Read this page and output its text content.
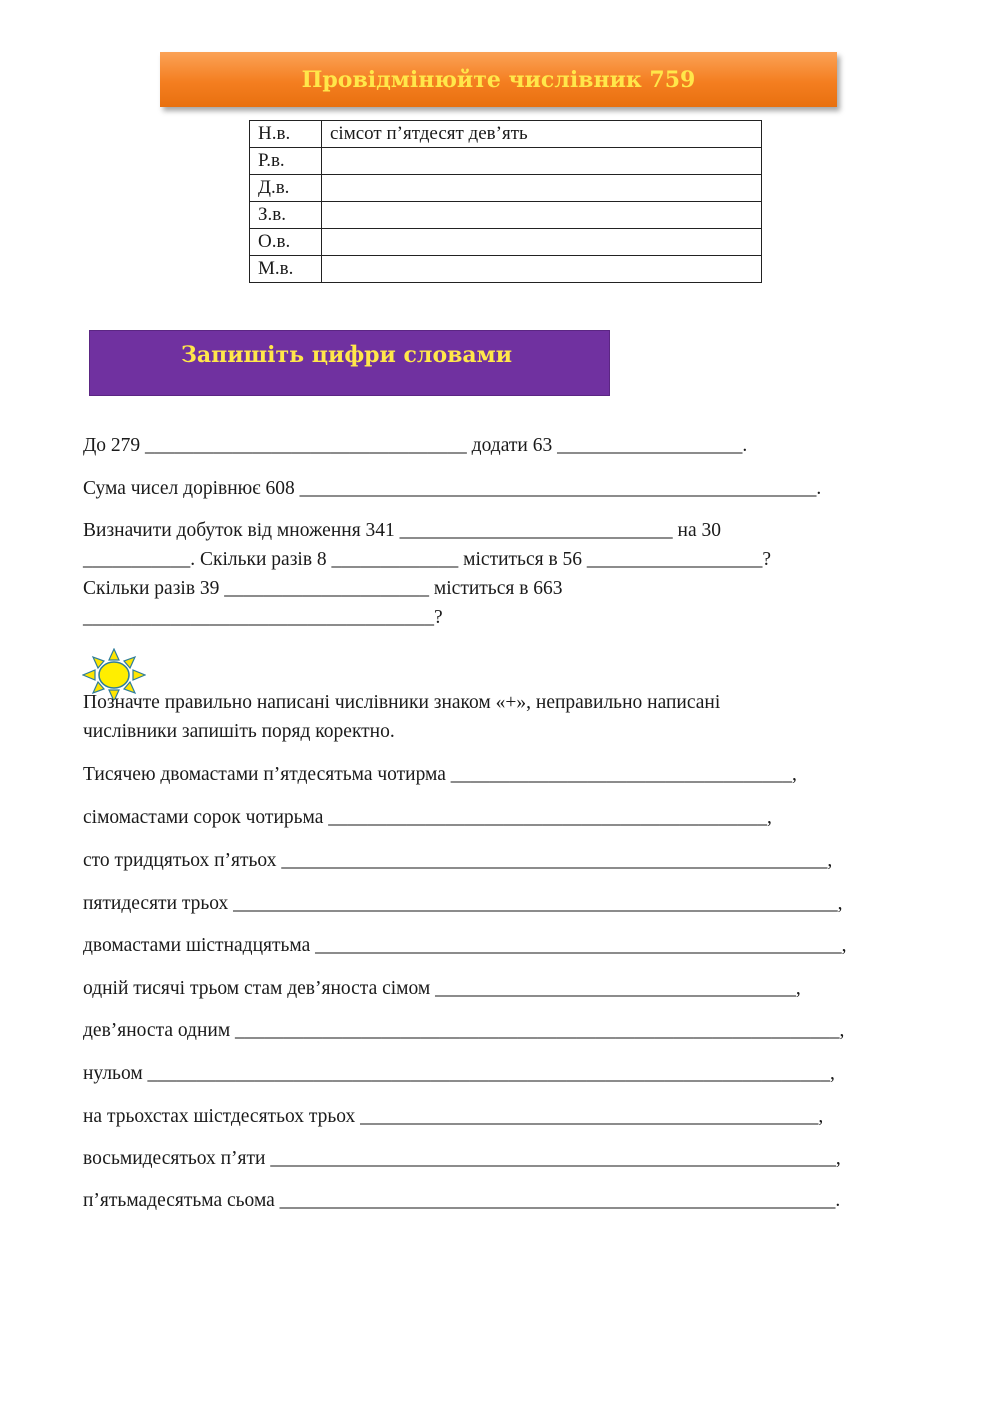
Провідмінюйте числівник 759
Н.в.	сімсот п’ятдесят дев’ять
Р.в.	
Д.в.	
З.в.	
О.в.	
М.в.	
Запишіть цифри словами
До 279 _________________________________ додати 63 ___________________.
Сума чисел дорівнює 608 _____________________________________________________.
Визначити добуток від множення 341 ____________________________ на 30
___________. Скільки разів 8 _____________ міститься в 56 __________________?
Скільки разів 39 _____________________ міститься в 663
____________________________________?
Позначте правильно написані числівники знаком «+», неправильно написані
числівники запишіть поряд коректно.
Тисячею двомастами п’ятдесятьма чотирма ___________________________________,
сімомастами сорок чотирьма _____________________________________________,
сто тридцятьох п’ятьох ________________________________________________________,
пятидесяти трьох ______________________________________________________________,
двомастами шістнадцятьма ______________________________________________________,
одній тисячі трьом стам дев’яноста сімом _____________________________________,
дев’яноста одним ______________________________________________________________,
нульом ______________________________________________________________________,
на трьохстах шістдесятьох трьох _______________________________________________,
восьмидесятьох п’яти __________________________________________________________,
п’ятьмадесятьма сьома _________________________________________________________.
